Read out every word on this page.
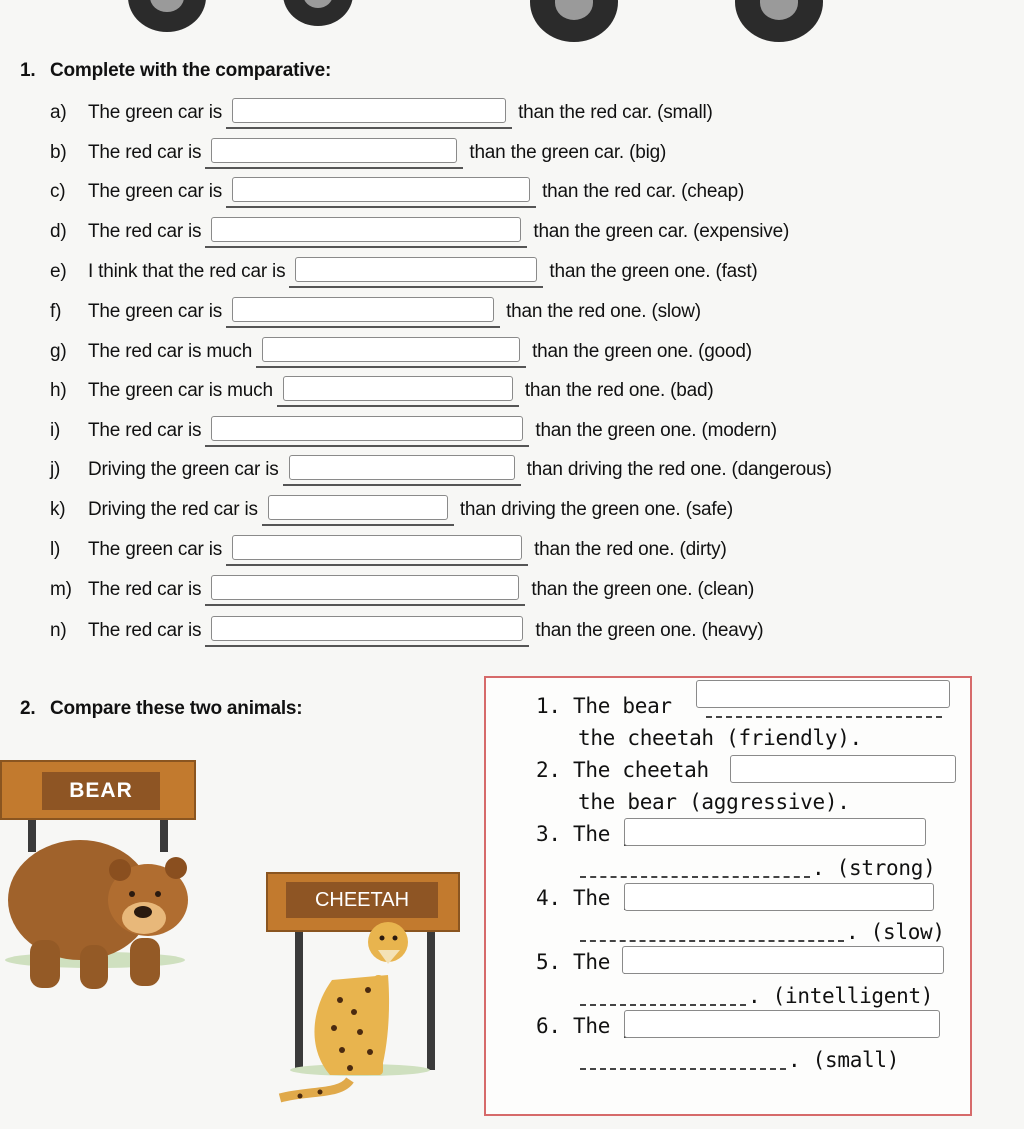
1. Complete with the comparative:
a)	The green car is	than the red car. (small)
b)	The red car is	than the green car. (big)
c)	The green car is	than the red car. (cheap)
d)	The red car is	than the green car. (expensive)
e)	I think that the red car is	than the green one. (fast)
f)	The green car is	than the red one. (slow)
g)	The red car is much	than the green one. (good)
h)	The green car is much	than the red one. (bad)
i)	The red car is	than the green one. (modern)
j)	Driving the green car is	than driving the red one. (dangerous)
k)	Driving the red car is	than driving the green one. (safe)
l)	The green car is	than the red one. (dirty)
m) The red car is	than the green one. (clean)
n)	The red car is	than the green one. (heavy)
2. Compare these two animals:
BEAR
CHEETAH
1. The bear
the cheetah (friendly).
2. The cheetah
the bear (aggressive).
3. The
. (strong)
4. The
. (slow)
5. The
. (intelligent)
6. The
. (small)
